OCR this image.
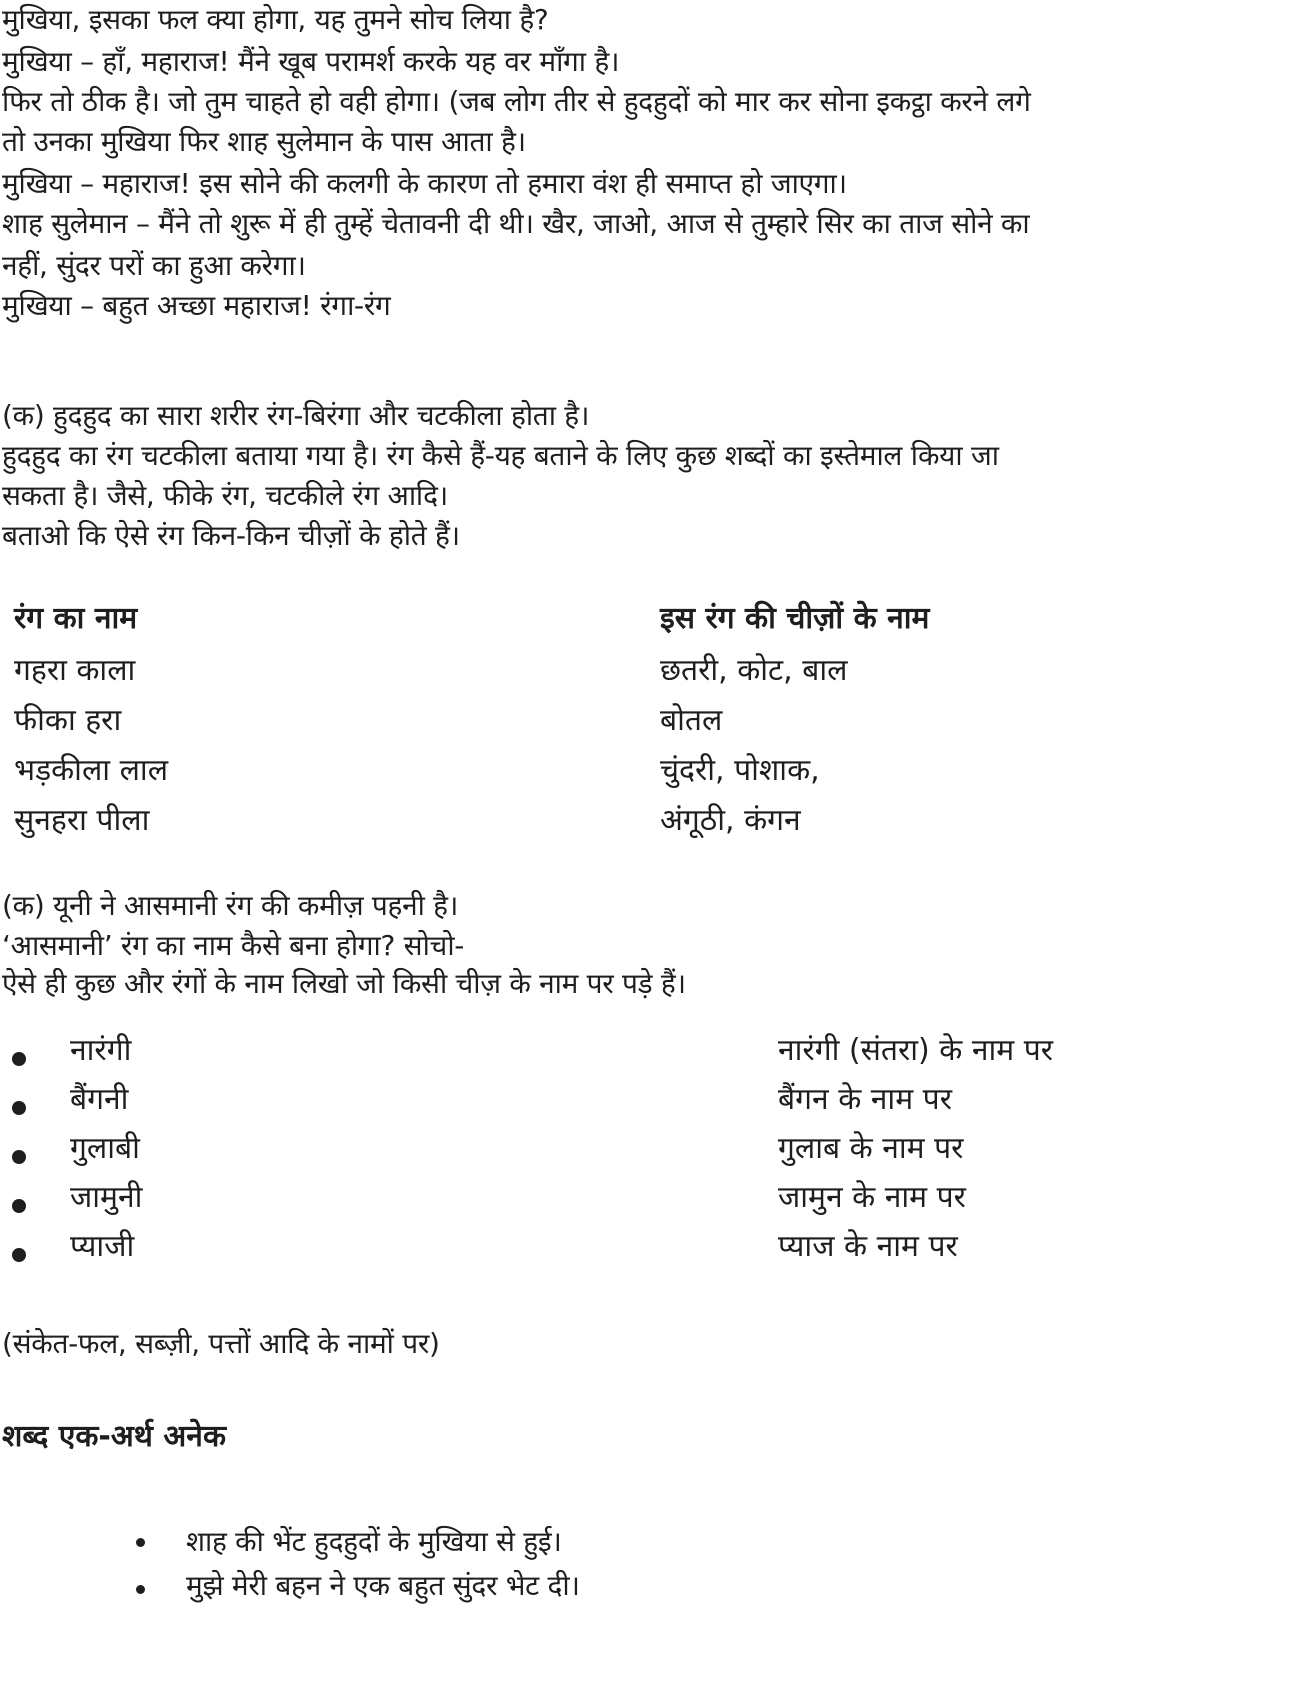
मुखिया, इसका फल क्या होगा, यह तुमने सोच लिया है?

मुखिया – हाँ, महाराज! मैंने खूब परामर्श करके यह वर माँगा है।

फिर तो ठीक है। जो तुम चाहते हो वही होगा। (जब लोग तीर से हुदहुदों को मार कर सोना इकट्ठा करने लगे

तो उनका मुखिया फिर शाह सुलेमान के पास आता है।

मुखिया – महाराज! इस सोने की कलगी के कारण तो हमारा वंश ही समाप्त हो जाएगा।

शाह सुलेमान – मैंने तो शुरू में ही तुम्हें चेतावनी दी थी। खैर, जाओ, आज से तुम्हारे सिर का ताज सोने का

नहीं, सुंदर परों का हुआ करेगा।

मुखिया – बहुत अच्छा महाराज! रंगा-रंग

(क) हुदहुद का सारा शरीर रंग-बिरंगा और चटकीला होता है।

हुदहुद का रंग चटकीला बताया गया है। रंग कैसे हैं-यह बताने के लिए कुछ शब्दों का इस्तेमाल किया जा

सकता है। जैसे, फीके रंग, चटकीले रंग आदि।

बताओ कि ऐसे रंग किन-किन चीज़ों के होते हैं।

रंग का नाम	इस रंग की चीज़ों के नाम

गहरा काला	छतरी, कोट, बाल

फीका हरा	बोतल

भड़कीला लाल	चुंदरी, पोशाक,

सुनहरा पीला	अंगूठी, कंगन

(क) यूनी ने आसमानी रंग की कमीज़ पहनी है।

‘आसमानी’ रंग का नाम कैसे बना होगा? सोचो-

ऐसे ही कुछ और रंगों के नाम लिखो जो किसी चीज़ के नाम पर पड़े हैं।

नारंगी	नारंगी (संतरा) के नाम पर

बैंगनी	बैंगन के नाम पर

गुलाबी	गुलाब के नाम पर

जामुनी	जामुन के नाम पर

प्याजी	प्याज के नाम पर

(संकेत-फल, सब्ज़ी, पत्तों आदि के नामों पर)

शब्द एक-अर्थ अनेक

शाह की भेंट हुदहुदों के मुखिया से हुई।

मुझे मेरी बहन ने एक बहुत सुंदर भेट दी।
